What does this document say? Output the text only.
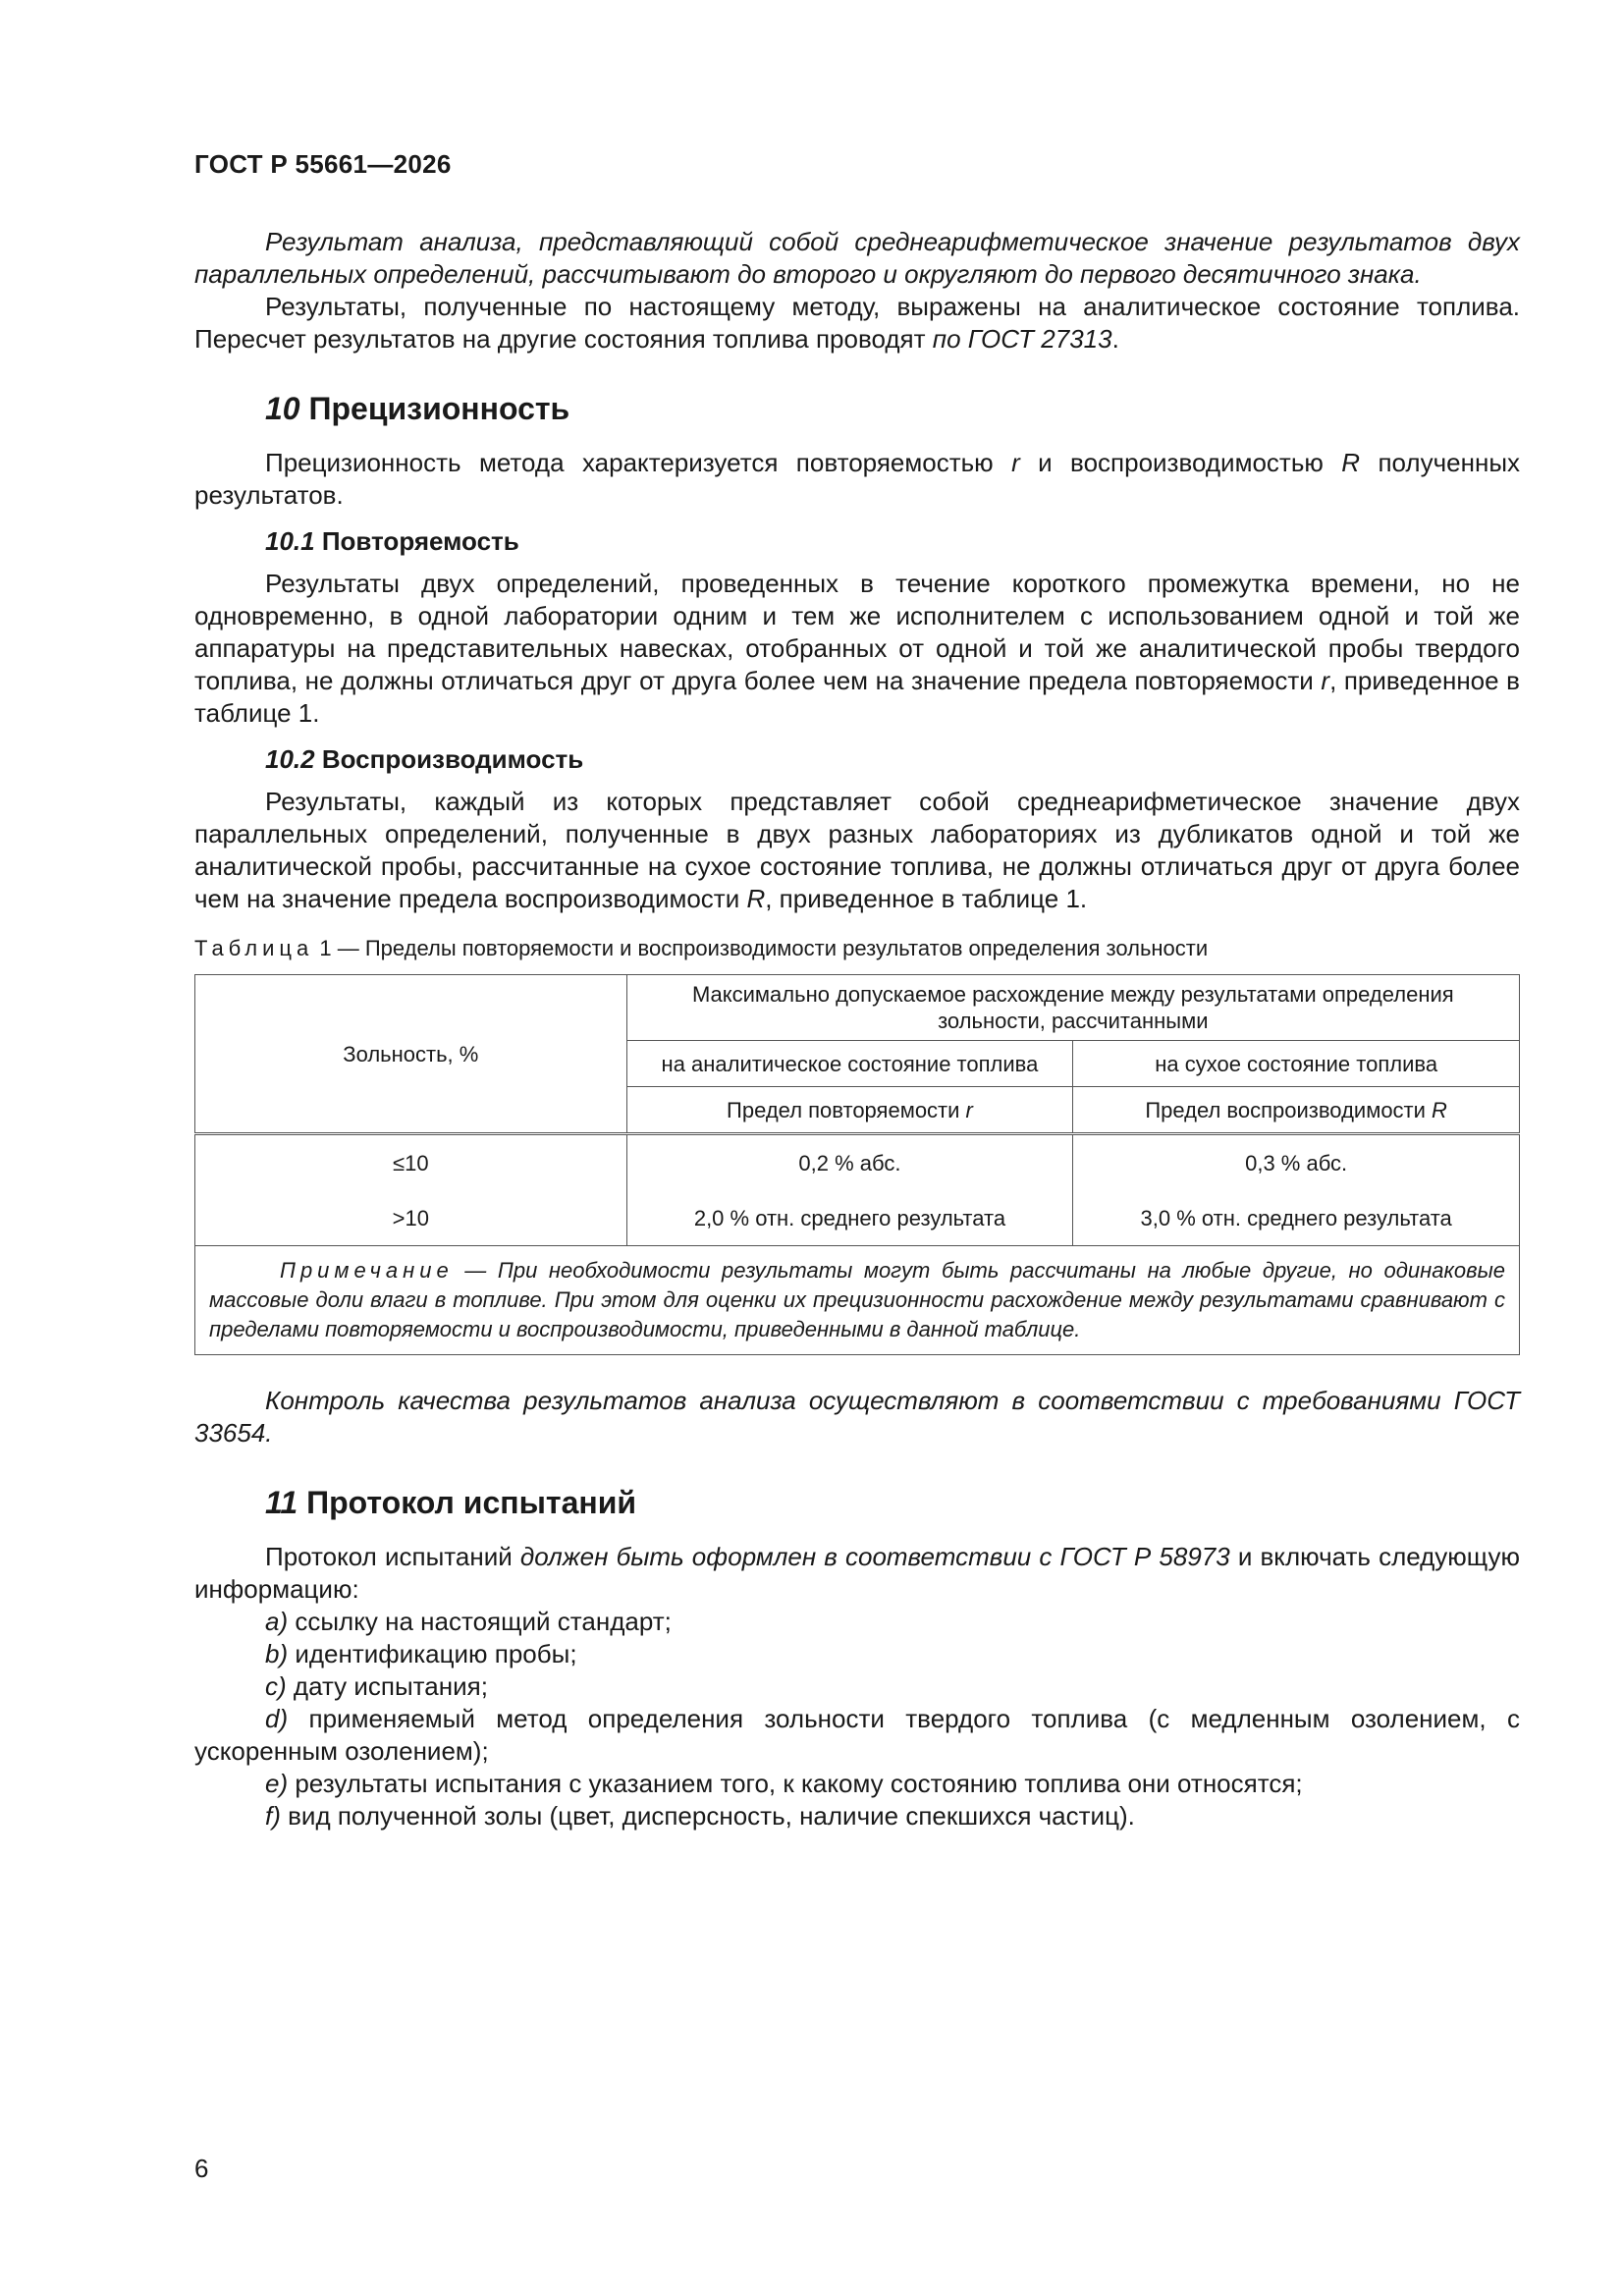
ГОСТ Р 55661—2026

Результат анализа, представляющий собой среднеарифметическое значение результатов двух параллельных определений, рассчитывают до второго и округляют до первого десятичного знака.

Результаты, полученные по настоящему методу, выражены на аналитическое состояние топлива. Пересчет результатов на другие состояния топлива проводят по ГОСТ 27313.

10 Прецизионность

Прецизионность метода характеризуется повторяемостью r и воспроизводимостью R полученных результатов.

10.1 Повторяемость

Результаты двух определений, проведенных в течение короткого промежутка времени, но не одновременно, в одной лаборатории одним и тем же исполнителем с использованием одной и той же аппаратуры на представительных навесках, отобранных от одной и той же аналитической пробы твердого топлива, не должны отличаться друг от друга более чем на значение предела повторяемости r, приведенное в таблице 1.

10.2 Воспроизводимость

Результаты, каждый из которых представляет собой среднеарифметическое значение двух параллельных определений, полученные в двух разных лабораториях из дубликатов одной и той же аналитической пробы, рассчитанные на сухое состояние топлива, не должны отличаться друг от друга более чем на значение предела воспроизводимости R, приведенное в таблице 1.

Таблица 1 — Пределы повторяемости и воспроизводимости результатов определения зольности
Зольность, %	Максимально допускаемое расхождение между результатами определения зольности, рассчитанными	
	на аналитическое состояние топлива	на сухое состояние топлива
	Предел повторяемости r	Предел воспроизводимости R
≤10	0,2 % абс.	0,3 % абс.
>10	2,0 % отн. среднего результата	3,0 % отн. среднего результата
Примечание — При необходимости результаты могут быть рассчитаны на любые другие, но одинаковые массовые доли влаги в топливе. При этом для оценки их прецизионности расхождение между результатами сравнивают с пределами повторяемости и воспроизводимости, приведенными в данной таблице.		

Контроль качества результатов анализа осуществляют в соответствии с требованиями ГОСТ 33654.

11 Протокол испытаний

Протокол испытаний должен быть оформлен в соответствии с ГОСТ Р 58973 и включать следующую информацию:

а) ссылку на настоящий стандарт;

b) идентификацию пробы;

c) дату испытания;

d) применяемый метод определения зольности твердого топлива (с медленным озолением, с ускоренным озолением);

e) результаты испытания с указанием того, к какому состоянию топлива они относятся;

f) вид полученной золы (цвет, дисперсность, наличие спекшихся частиц).

6
